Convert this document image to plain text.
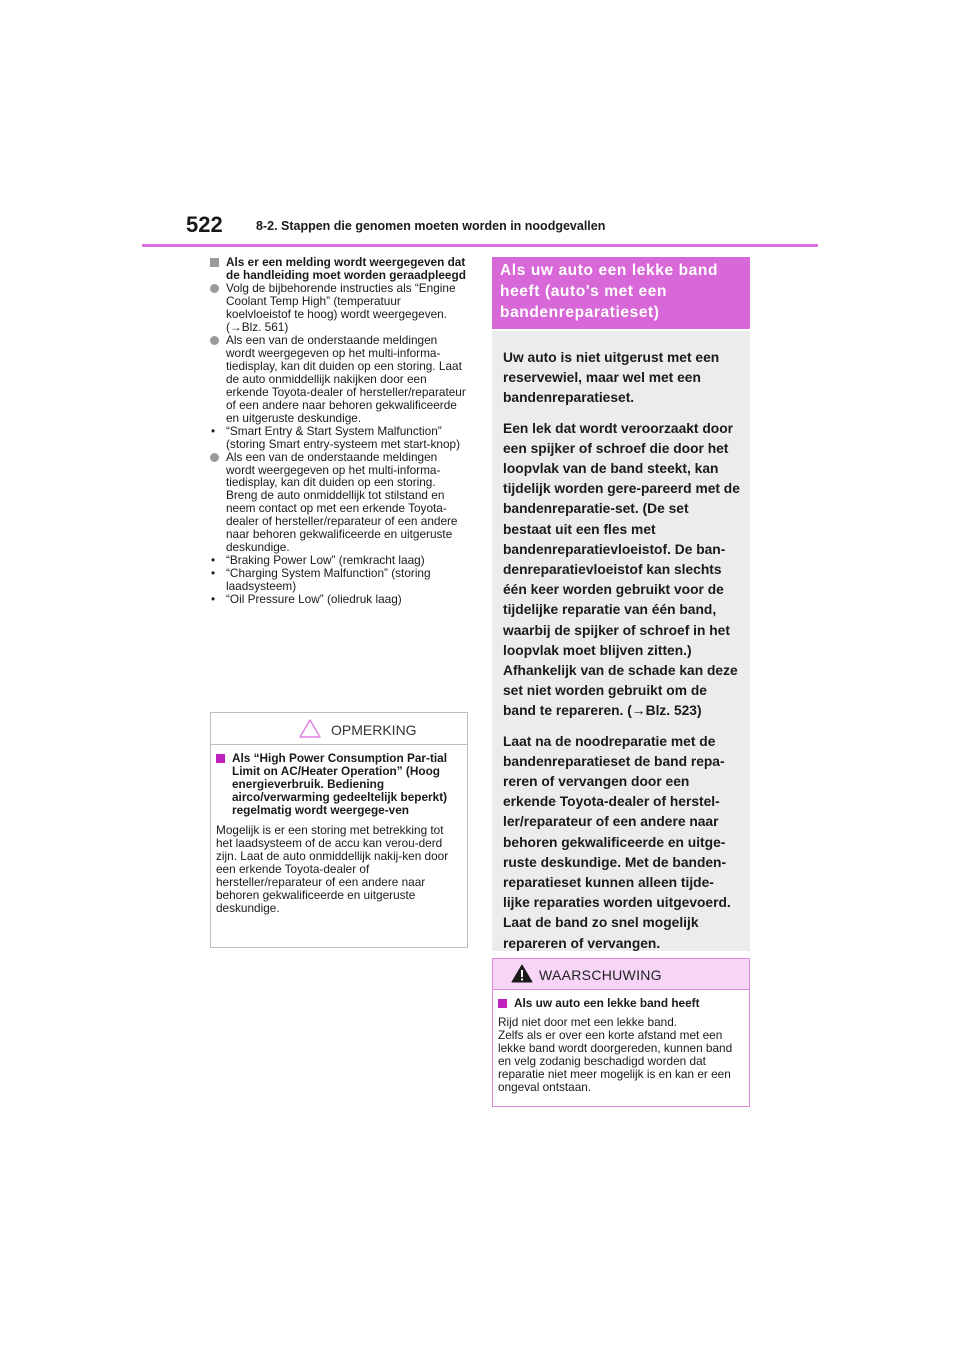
522	8-2. Stappen die genomen moeten worden in noodgevallen

Als er een melding wordt weergegeven dat de handleiding moet worden geraadpleegd

Volg de bijbehorende instructies als “Engine Coolant Temp High” (temperatuur koelvloeistof te hoog) wordt weergegeven. (→Blz. 561)

Als een van de onderstaande meldingen wordt weergegeven op het multi-informa-tiedisplay, kan dit duiden op een storing. Laat de auto onmiddellijk nakijken door een erkende Toyota-dealer of hersteller/reparateur of een andere naar behoren gekwalificeerde en uitgeruste deskundige.

• “Smart Entry & Start System Malfunction” (storing Smart entry-systeem met start-knop)

Als een van de onderstaande meldingen wordt weergegeven op het multi-informa-tiedisplay, kan dit duiden op een storing. Breng de auto onmiddellijk tot stilstand en neem contact op met een erkende Toyota-dealer of hersteller/reparateur of een andere naar behoren gekwalificeerde en uitgeruste deskundige.

• “Braking Power Low” (remkracht laag)

• “Charging System Malfunction” (storing laadsysteem)

• “Oil Pressure Low” (oliedruk laag)

OPMERKING

Als “High Power Consumption Par-tial Limit on AC/Heater Operation” (Hoog energieverbruik. Bediening airco/verwarming gedeeltelijk beperkt) regelmatig wordt weergege-ven

Mogelijk is er een storing met betrekking tot het laadsysteem of de accu kan verou-derd zijn. Laat de auto onmiddellijk nakij-ken door een erkende Toyota-dealer of hersteller/reparateur of een andere naar behoren gekwalificeerde en uitgeruste deskundige.

Als uw auto een lekke band heeft (auto's met een bandenreparatieset)

Uw auto is niet uitgerust met een reservewiel, maar wel met een bandenreparatieset.

Een lek dat wordt veroorzaakt door een spijker of schroef die door het loopvlak van de band steekt, kan tijdelijk worden gere-pareerd met de bandenreparatie-set. (De set bestaat uit een fles met bandenreparatievloeistof. De ban-denreparatievloeistof kan slechts één keer worden gebruikt voor de tijdelijke reparatie van één band, waarbij de spijker of schroef in het loopvlak moet blijven zitten.) Afhankelijk van de schade kan deze set niet worden gebruikt om de band te repareren. (→Blz. 523)

Laat na de noodreparatie met de bandenreparatieset de band repa-reren of vervangen door een erkende Toyota-dealer of herstel-ler/reparateur of een andere naar behoren gekwalificeerde en uitge-ruste deskundige. Met de banden-reparatieset kunnen alleen tijde-lijke reparaties worden uitgevoerd. Laat de band zo snel mogelijk repareren of vervangen.

WAARSCHUWING

Als uw auto een lekke band heeft

Rijd niet door met een lekke band.

Zelfs als er over een korte afstand met een lekke band wordt doorgereden, kunnen band en velg zodanig beschadigd worden dat reparatie niet meer mogelijk is en kan er een ongeval ontstaan.
